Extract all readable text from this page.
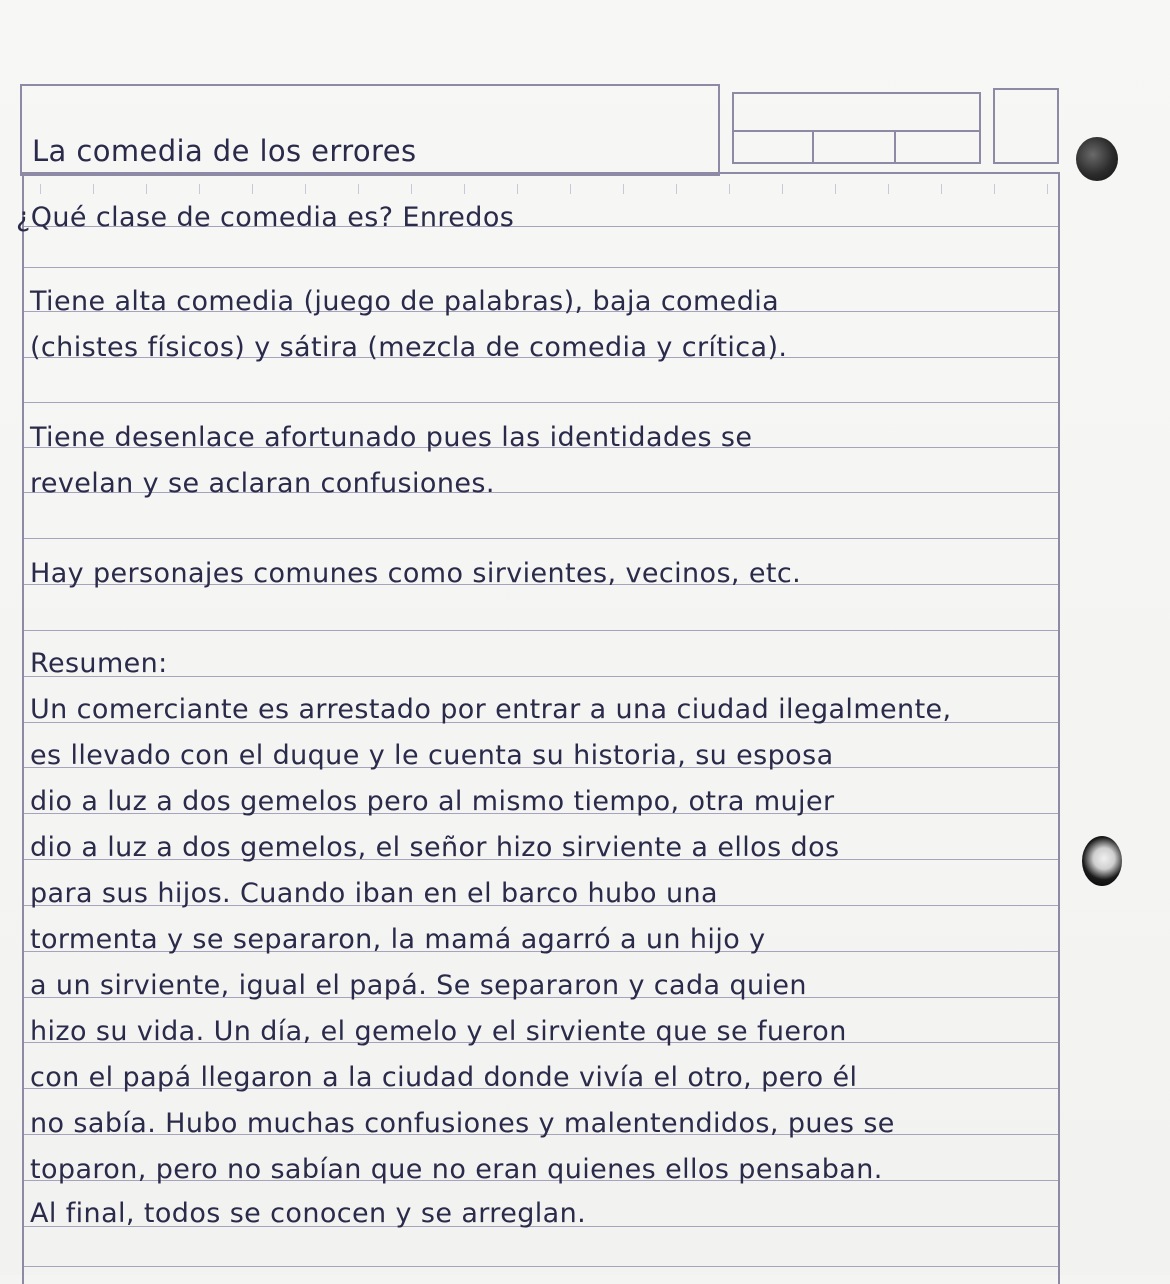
La comedia de los errores
¿Qué clase de comedia es? Enredos
Tiene alta comedia (juego de palabras), baja comedia
(chistes físicos) y sátira (mezcla de comedia y crítica).
Tiene desenlace afortunado pues las identidades se
revelan y se aclaran confusiones.
Hay personajes comunes como sirvientes, vecinos, etc.
Resumen:
Un comerciante es arrestado por entrar a una ciudad ilegalmente,
es llevado con el duque y le cuenta su historia, su esposa
dio a luz a dos gemelos pero al mismo tiempo, otra mujer
dio a luz a dos gemelos, el señor hizo sirviente a ellos dos
para sus hijos. Cuando iban en el barco hubo una
tormenta y se separaron, la mamá agarró a un hijo y
a un sirviente, igual el papá. Se separaron y cada quien
hizo su vida. Un día, el gemelo y el sirviente que se fueron
con el papá llegaron a la ciudad donde vivía el otro, pero él
no sabía. Hubo muchas confusiones y malentendidos, pues se
toparon, pero no sabían que no eran quienes ellos pensaban.
Al final, todos se conocen y se arreglan.
